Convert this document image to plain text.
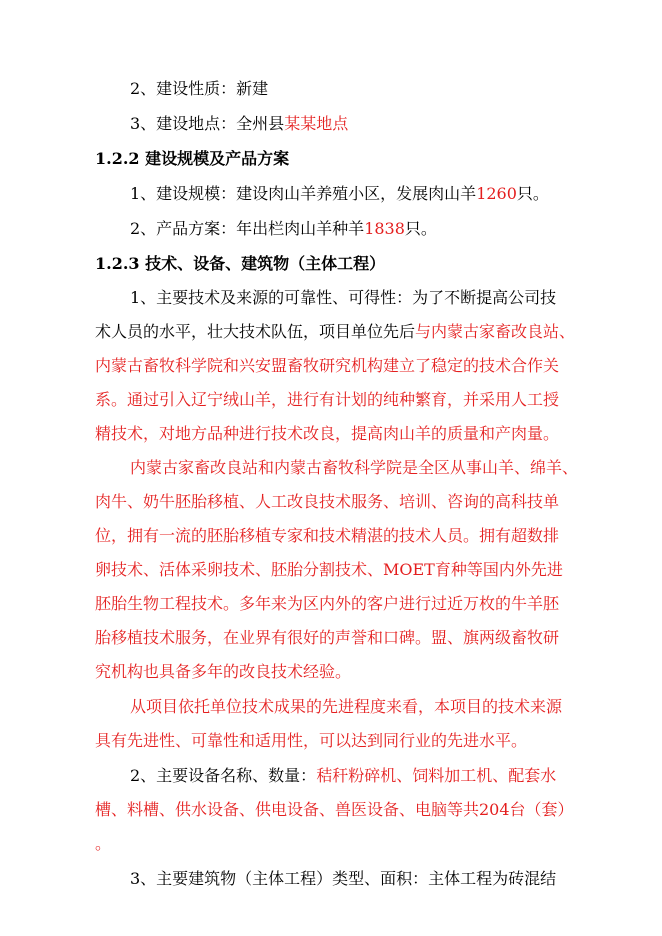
2、建设性质：新建
3、建设地点：全州县某某地点
1.2.2 建设规模及产品方案
1、建设规模：建设肉山羊养殖小区，发展肉山羊1260只。
2、产品方案：年出栏肉山羊种羊1838只。
1.2.3 技术、设备、建筑物（主体工程）
1、主要技术及来源的可靠性、可得性：为了不断提高公司技
术人员的水平，壮大技术队伍，项目单位先后与内蒙古家畜改良站、
内蒙古畜牧科学院和兴安盟畜牧研究机构建立了稳定的技术合作关
系。通过引入辽宁绒山羊，进行有计划的纯种繁育，并采用人工授
精技术，对地方品种进行技术改良，提高肉山羊的质量和产肉量。
内蒙古家畜改良站和内蒙古畜牧科学院是全区从事山羊、绵羊、
肉牛、奶牛胚胎移植、人工改良技术服务、培训、咨询的高科技单
位，拥有一流的胚胎移植专家和技术精湛的技术人员。拥有超数排
卵技术、活体采卵技术、胚胎分割技术、MOET育种等国内外先进
胚胎生物工程技术。多年来为区内外的客户进行过近万枚的牛羊胚
胎移植技术服务，在业界有很好的声誉和口碑。盟、旗两级畜牧研
究机构也具备多年的改良技术经验。
从项目依托单位技术成果的先进程度来看，本项目的技术来源
具有先进性、可靠性和适用性，可以达到同行业的先进水平。
2、主要设备名称、数量：秸秆粉碎机、饲料加工机、配套水
槽、料槽、供水设备、供电设备、兽医设备、电脑等共204台（套）
。
3、主要建筑物（主体工程）类型、面积：主体工程为砖混结
